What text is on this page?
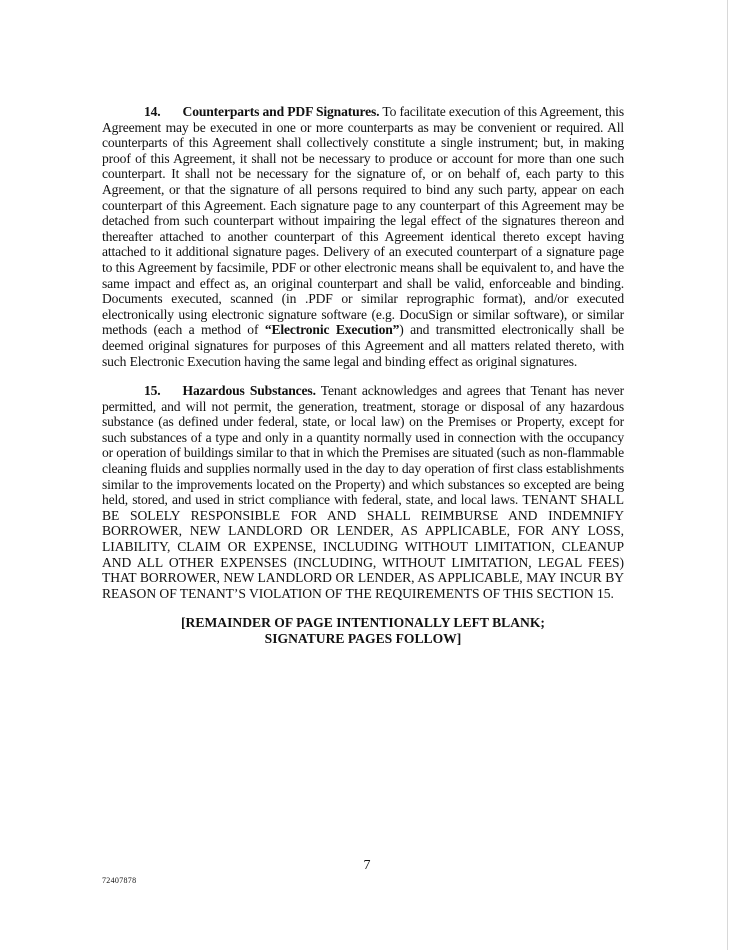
14. Counterparts and PDF Signatures. To facilitate execution of this Agreement, this Agreement may be executed in one or more counterparts as may be convenient or required. All counterparts of this Agreement shall collectively constitute a single instrument; but, in making proof of this Agreement, it shall not be necessary to produce or account for more than one such counterpart. It shall not be necessary for the signature of, or on behalf of, each party to this Agreement, or that the signature of all persons required to bind any such party, appear on each counterpart of this Agreement. Each signature page to any counterpart of this Agreement may be detached from such counterpart without impairing the legal effect of the signatures thereon and thereafter attached to another counterpart of this Agreement identical thereto except having attached to it additional signature pages. Delivery of an executed counterpart of a signature page to this Agreement by facsimile, PDF or other electronic means shall be equivalent to, and have the same impact and effect as, an original counterpart and shall be valid, enforceable and binding. Documents executed, scanned (in .PDF or similar reprographic format), and/or executed electronically using electronic signature software (e.g. DocuSign or similar software), or similar methods (each a method of “Electronic Execution”) and transmitted electronically shall be deemed original signatures for purposes of this Agreement and all matters related thereto, with such Electronic Execution having the same legal and binding effect as original signatures.

15. Hazardous Substances. Tenant acknowledges and agrees that Tenant has never permitted, and will not permit, the generation, treatment, storage or disposal of any hazardous substance (as defined under federal, state, or local law) on the Premises or Property, except for such substances of a type and only in a quantity normally used in connection with the occupancy or operation of buildings similar to that in which the Premises are situated (such as non-flammable cleaning fluids and supplies normally used in the day to day operation of first class establishments similar to the improvements located on the Property) and which substances so excepted are being held, stored, and used in strict compliance with federal, state, and local laws. TENANT SHALL BE SOLELY RESPONSIBLE FOR AND SHALL REIMBURSE AND INDEMNIFY BORROWER, NEW LANDLORD OR LENDER, AS APPLICABLE, FOR ANY LOSS, LIABILITY, CLAIM OR EXPENSE, INCLUDING WITHOUT LIMITATION, CLEANUP AND ALL OTHER EXPENSES (INCLUDING, WITHOUT LIMITATION, LEGAL FEES) THAT BORROWER, NEW LANDLORD OR LENDER, AS APPLICABLE, MAY INCUR BY REASON OF TENANT’S VIOLATION OF THE REQUIREMENTS OF THIS SECTION 15.

[REMAINDER OF PAGE INTENTIONALLY LEFT BLANK;
SIGNATURE PAGES FOLLOW]
7
72407878
